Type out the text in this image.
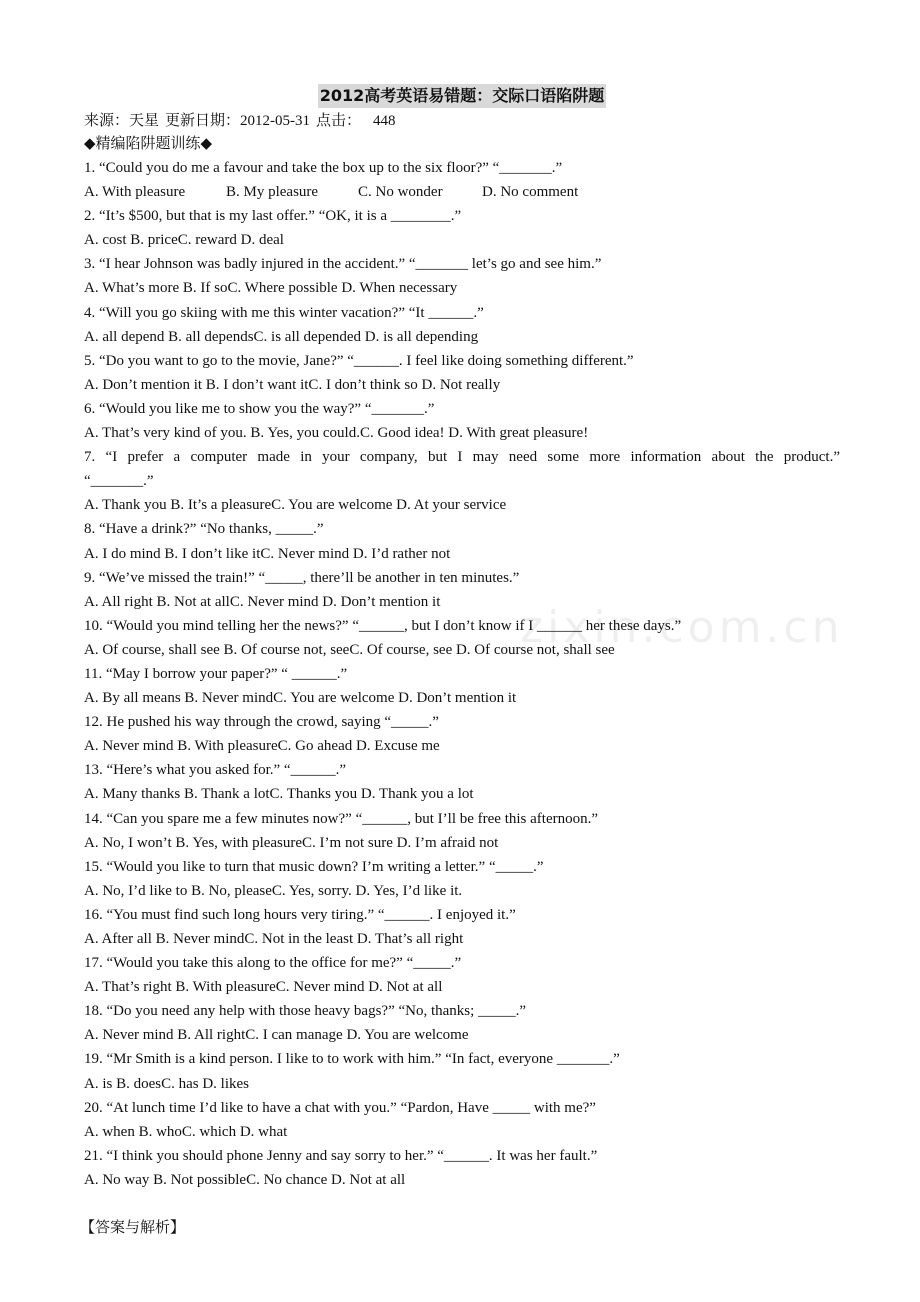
zixin.com.cn
2012高考英语易错题：交际口语陷阱题
来源：天星 更新日期：2012-05-31 点击： 448
◆精编陷阱题训练◆
1. “Could you do me a favour and take the box up to the six floor?” “_______.”
A. With pleasure	B. My pleasure	C. No wonder	D. No comment
2. “It’s $500, but that is my last offer.” “OK, it is a ________.”
A. cost B. priceC. reward D. deal
3. “I hear Johnson was badly injured in the accident.” “_______ let’s go and see him.”
A. What’s more B. If soC. Where possible D. When necessary
4. “Will you go skiing with me this winter vacation?” “It ______.”
A. all depend B. all dependsC. is all depended D. is all depending
5. “Do you want to go to the movie, Jane?” “______. I feel like doing something different.”
A. Don’t mention it B. I don’t want itC. I don’t think so D. Not really
6. “Would you like me to show you the way?” “_______.”
A. That’s very kind of you. B. Yes, you could.C. Good idea! D. With great pleasure!
7. “I prefer a computer made in your company, but I may need some more information about the product.”
“_______.”
A. Thank you B. It’s a pleasureC. You are welcome D. At your service
8. “Have a drink?” “No thanks, _____.”
A. I do mind B. I don’t like itC. Never mind D. I’d rather not
9. “We’ve missed the train!” “_____, there’ll be another in ten minutes.”
A. All right B. Not at allC. Never mind D. Don’t mention it
10. “Would you mind telling her the news?” “______, but I don’t know if I ______ her these days.”
A. Of course, shall see B. Of course not, seeC. Of course, see D. Of course not, shall see
11. “May I borrow your paper?” “ ______.”
A. By all means B. Never mindC. You are welcome D. Don’t mention it
12. He pushed his way through the crowd, saying “_____.”
A. Never mind B. With pleasureC. Go ahead D. Excuse me
13. “Here’s what you asked for.” “______.”
A. Many thanks B. Thank a lotC. Thanks you D. Thank you a lot
14. “Can you spare me a few minutes now?” “______, but I’ll be free this afternoon.”
A. No, I won’t B. Yes, with pleasureC. I’m not sure D. I’m afraid not
15. “Would you like to turn that music down? I’m writing a letter.” “_____.”
A. No, I’d like to B. No, pleaseC. Yes, sorry. D. Yes, I’d like it.
16. “You must find such long hours very tiring.” “______. I enjoyed it.”
A. After all B. Never mindC. Not in the least D. That’s all right
17. “Would you take this along to the office for me?” “_____.”
A. That’s right B. With pleasureC. Never mind D. Not at all
18. “Do you need any help with those heavy bags?” “No, thanks; _____.”
A. Never mind B. All rightC. I can manage D. You are welcome
19. “Mr Smith is a kind person. I like to to work with him.” “In fact, everyone _______.”
A. is B. doesC. has D. likes
20. “At lunch time I’d like to have a chat with you.” “Pardon, Have _____ with me?”
A. when B. whoC. which D. what
21. “I think you should phone Jenny and say sorry to her.” “______. It was her fault.”
A. No way B. Not possibleC. No chance D. Not at all
【答案与解析】
